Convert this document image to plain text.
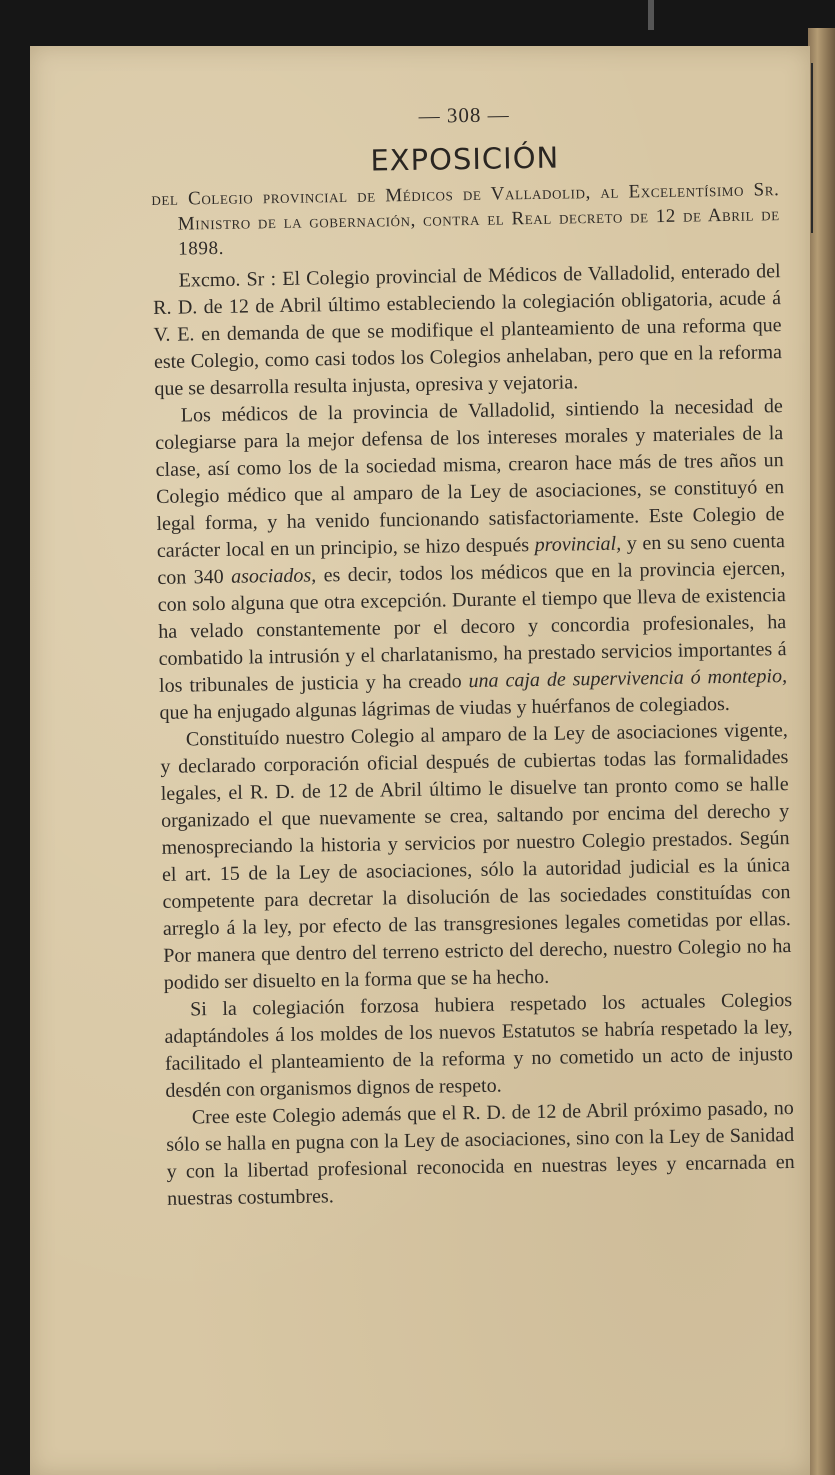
— 308 —
EXPOSICIÓN
del Colegio provincial de Médicos de Valladolid, al Excelentísimo Sr. Ministro de la gobernación, contra el Real decreto de 12 de Abril de 1898.

Excmo. Sr : El Colegio provincial de Médicos de Valladolid, enterado del R. D. de 12 de Abril último estableciendo la colegiación obligatoria, acude á V. E. en demanda de que se modifique el planteamiento de una reforma que este Colegio, como casi todos los Colegios anhelaban, pero que en la reforma que se desarrolla resulta injusta, opresiva y vejatoria.

Los médicos de la provincia de Valladolid, sintiendo la necesidad de colegiarse para la mejor defensa de los intereses morales y materiales de la clase, así como los de la sociedad misma, crearon hace más de tres años un Colegio médico que al amparo de la Ley de asociaciones, se constituyó en legal forma, y ha venido funcionando satisfactoriamente. Este Colegio de carácter local en un principio, se hizo después provincial, y en su seno cuenta con 340 asociados, es decir, todos los médicos que en la provincia ejercen, con solo alguna que otra excepción. Durante el tiempo que lleva de existencia ha velado constantemente por el decoro y concordia profesionales, ha combatido la intrusión y el charlatanismo, ha prestado servicios importantes á los tribunales de justicia y ha creado una caja de supervivencia ó montepio, que ha enjugado algunas lágrimas de viudas y huérfanos de colegiados.

Constituído nuestro Colegio al amparo de la Ley de asociaciones vigente, y declarado corporación oficial después de cubiertas todas las formalidades legales, el R. D. de 12 de Abril último le disuelve tan pronto como se halle organizado el que nuevamente se crea, saltando por encima del derecho y menospreciando la historia y servicios por nuestro Colegio prestados. Según el art. 15 de la Ley de asociaciones, sólo la autoridad judicial es la única competente para decretar la disolución de las sociedades constituídas con arreglo á la ley, por efecto de las transgresiones legales cometidas por ellas. Por manera que dentro del terreno estricto del derecho, nuestro Colegio no ha podido ser disuelto en la forma que se ha hecho.

Si la colegiación forzosa hubiera respetado los actuales Colegios adaptándoles á los moldes de los nuevos Estatutos se habría respetado la ley, facilitado el planteamiento de la reforma y no cometido un acto de injusto desdén con organismos dignos de respeto.

Cree este Colegio además que el R. D. de 12 de Abril próximo pasado, no sólo se halla en pugna con la Ley de asociaciones, sino con la Ley de Sanidad y con la libertad profesional reconocida en nuestras leyes y encarnada en nuestras costumbres.
